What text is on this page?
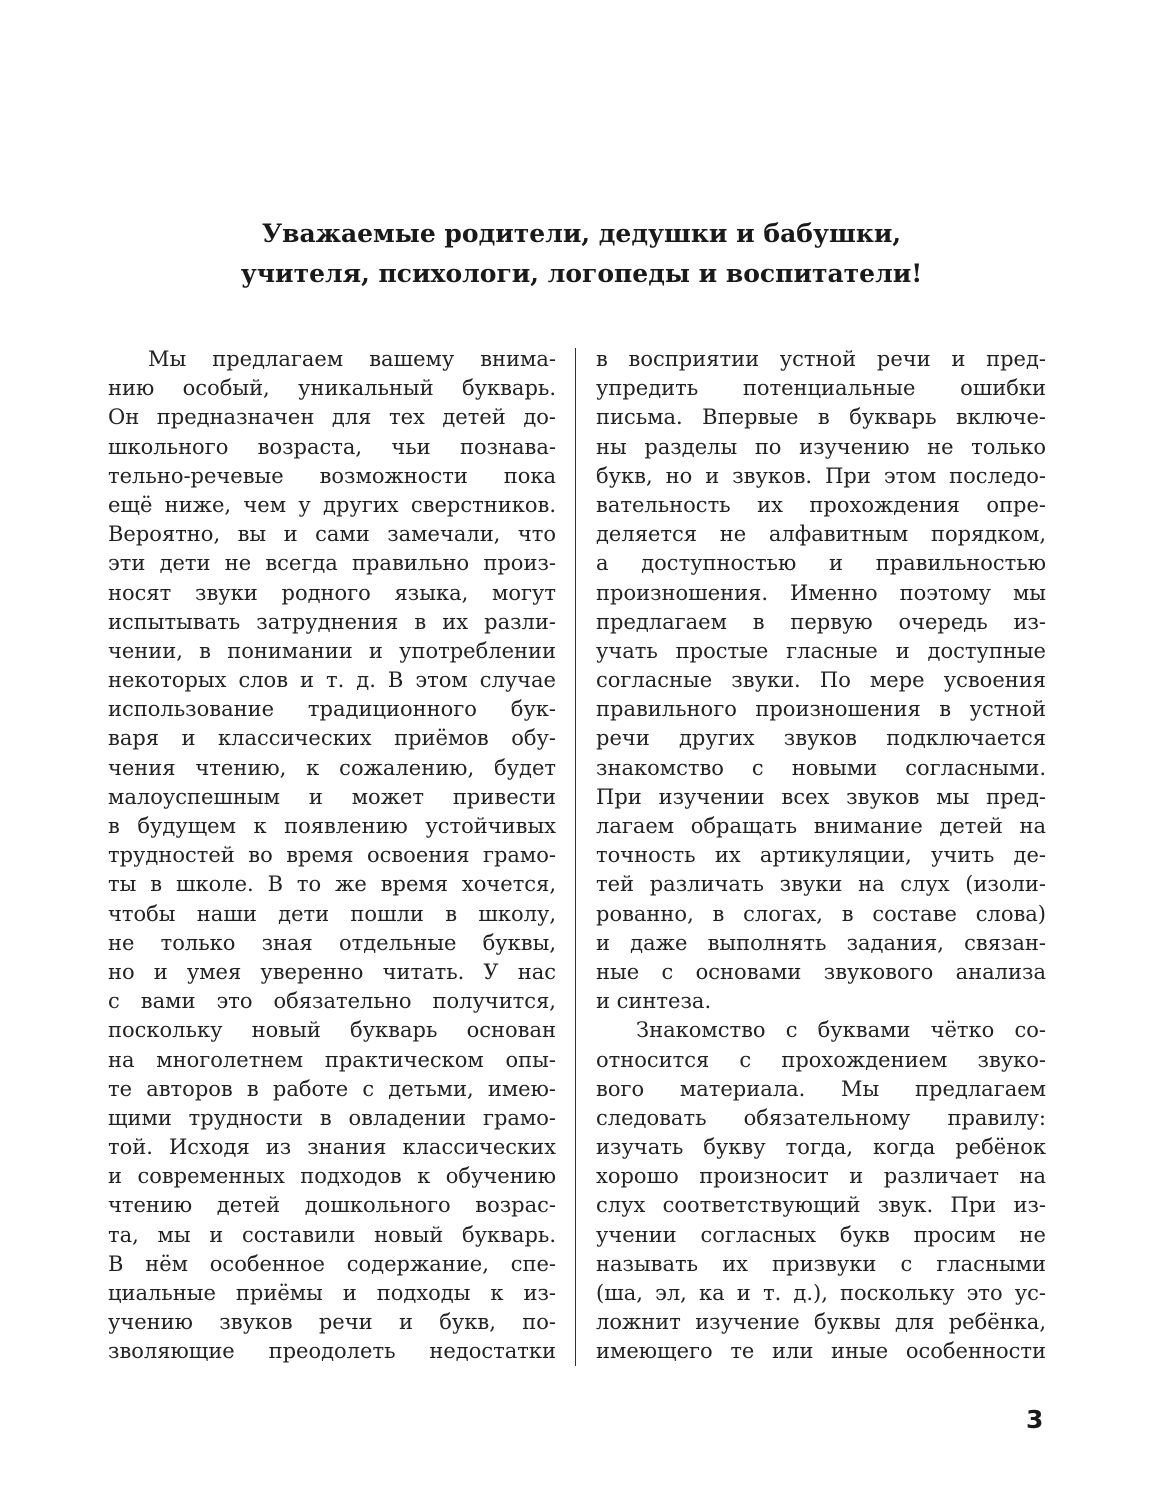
Уважаемые родители, дедушки и бабушки,
учителя, психологи, логопеды и воспитатели!
Мы предлагаем вашему внима-
нию особый, уникальный букварь.
Он предназначен для тех детей до-
школьного возраста, чьи познава-
тельно-речевые возможности пока
ещё ниже, чем у других сверстников.
Вероятно, вы и сами замечали, что
эти дети не всегда правильно произ-
носят звуки родного языка, могут
испытывать затруднения в их разли-
чении, в понимании и употреблении
некоторых слов и т. д. В этом случае
использование традиционного бук-
варя и классических приёмов обу-
чения чтению, к сожалению, будет
малоуспешным и может привести
в будущем к появлению устойчивых
трудностей во время освоения грамо-
ты в школе. В то же время хочется,
чтобы наши дети пошли в школу,
не только зная отдельные буквы,
но и умея уверенно читать. У нас
с вами это обязательно получится,
поскольку новый букварь основан
на многолетнем практическом опы-
те авторов в работе с детьми, имею-
щими трудности в овладении грамо-
той. Исходя из знания классических
и современных подходов к обучению
чтению детей дошкольного возрас-
та, мы и составили новый букварь.
В нём особенное содержание, спе-
циальные приёмы и подходы к из-
учению звуков речи и букв, по-
зволяющие преодолеть недостатки
в восприятии устной речи и пред-
упредить потенциальные ошибки
письма. Впервые в букварь включе-
ны разделы по изучению не только
букв, но и звуков. При этом последо-
вательность их прохождения опре-
деляется не алфавитным порядком,
а доступностью и правильностью
произношения. Именно поэтому мы
предлагаем в первую очередь из-
учать простые гласные и доступные
согласные звуки. По мере усвоения
правильного произношения в устной
речи других звуков подключается
знакомство с новыми согласными.
При изучении всех звуков мы пред-
лагаем обращать внимание детей на
точность их артикуляции, учить де-
тей различать звуки на слух (изоли-
рованно, в слогах, в составе слова)
и даже выполнять задания, связан-
ные с основами звукового анализа
и синтеза.
Знакомство с буквами чётко со-
относится с прохождением звуко-
вого материала. Мы предлагаем
следовать обязательному правилу:
изучать букву тогда, когда ребёнок
хорошо произносит и различает на
слух соответствующий звук. При из-
учении согласных букв просим не
называть их призвуки с гласными
(ша, эл, ка и т. д.), поскольку это ус-
ложнит изучение буквы для ребёнка,
имеющего те или иные особенности
3
